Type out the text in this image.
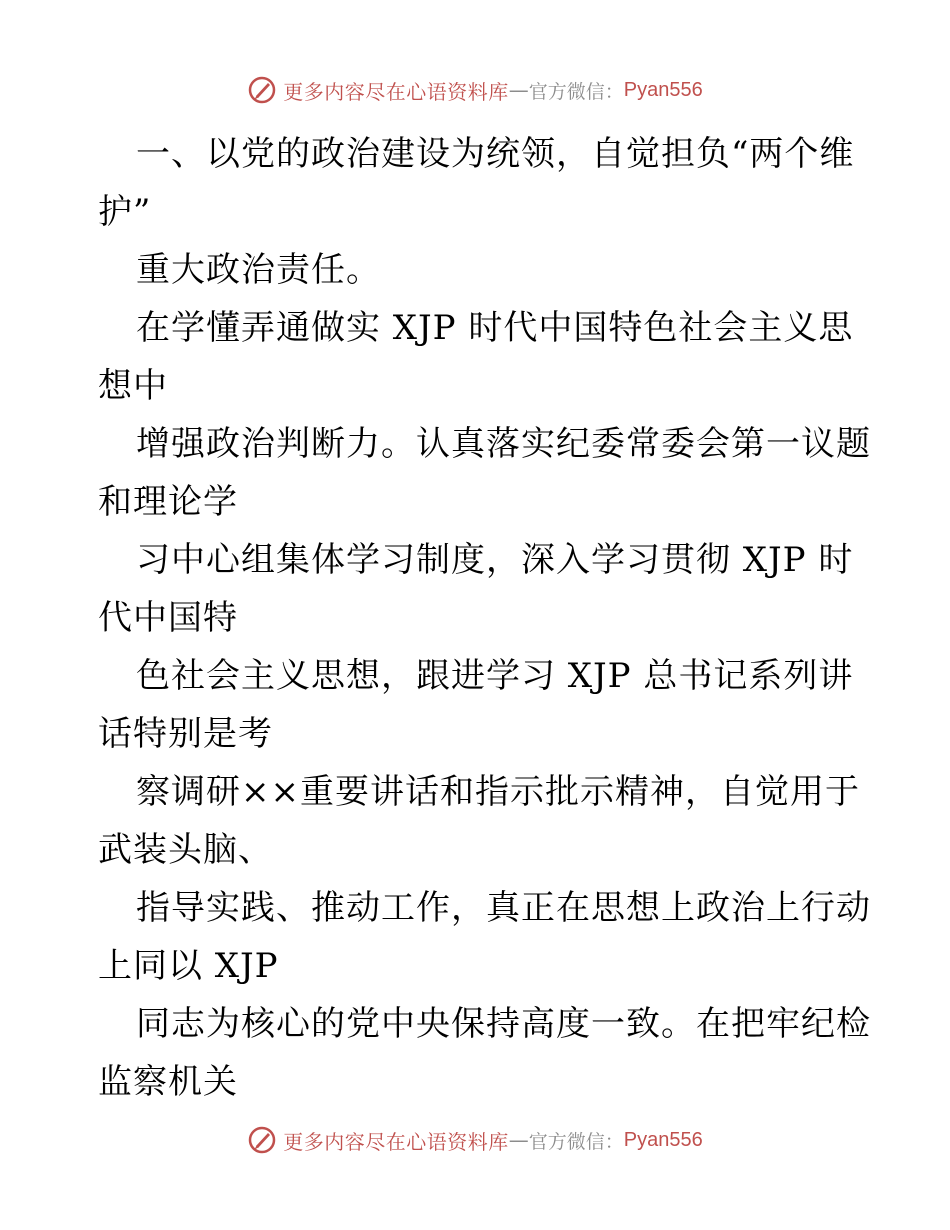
更多内容尽在心语资料库 — 官方微信： Pyan556

一、以党的政治建设为统领，自觉担负“两个维
护”

重大政治责任。

在学懂弄通做实 XJP 时代中国特色社会主义思
想中

增强政治判断力。认真落实纪委常委会第一议题
和理论学

习中心组集体学习制度，深入学习贯彻 XJP 时
代中国特

色社会主义思想，跟进学习 XJP 总书记系列讲
话特别是考

察调研××重要讲话和指示批示精神，自觉用于
武装头脑、

指导实践、推动工作，真正在思想上政治上行动
上同以 XJP

同志为核心的党中央保持高度一致。在把牢纪检
监察机关

更多内容尽在心语资料库 — 官方微信： Pyan556
